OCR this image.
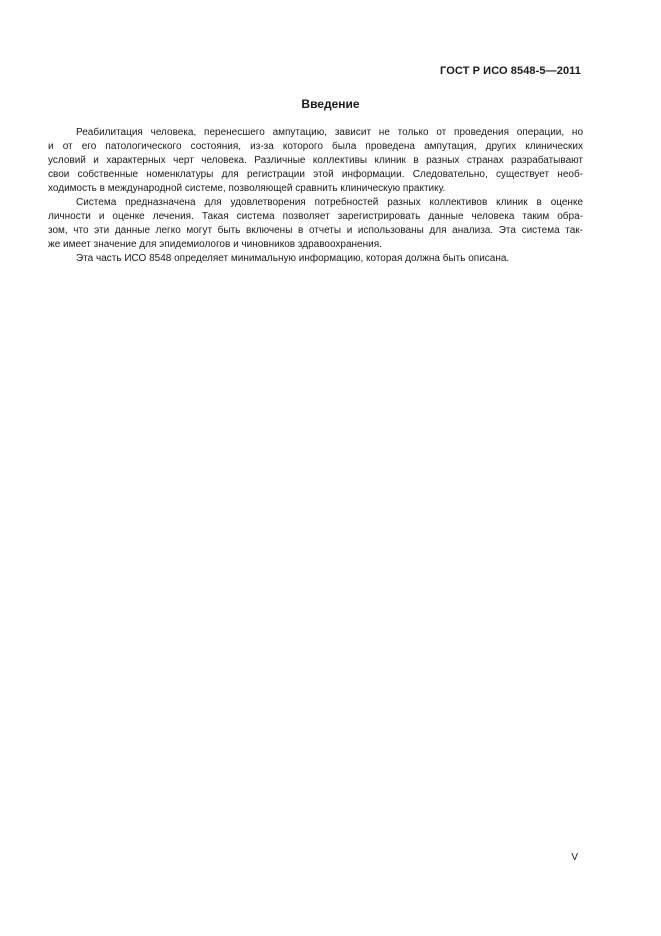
ГОСТ Р ИСО 8548-5—2011
Введение
Реабилитация человека, перенесшего ампутацию, зависит не только от проведения операции, но
и от его патологического состояния, из-за которого была проведена ампутация, других клинических
условий и характерных черт человека. Различные коллективы клиник в разных странах разрабатывают
свои собственные номенклатуры для регистрации этой информации. Следовательно, существует необ-
ходимость в международной системе, позволяющей сравнить клиническую практику.
Система предназначена для удовлетворения потребностей разных коллективов клиник в оценке
личности и оценке лечения. Такая система позволяет зарегистрировать данные человека таким обра-
зом, что эти данные легко могут быть включены в отчеты и использованы для анализа. Эта система так-
же имеет значение для эпидемиологов и чиновников здравоохранения.
Эта часть ИСО 8548 определяет минимальную информацию, которая должна быть описана.
V
